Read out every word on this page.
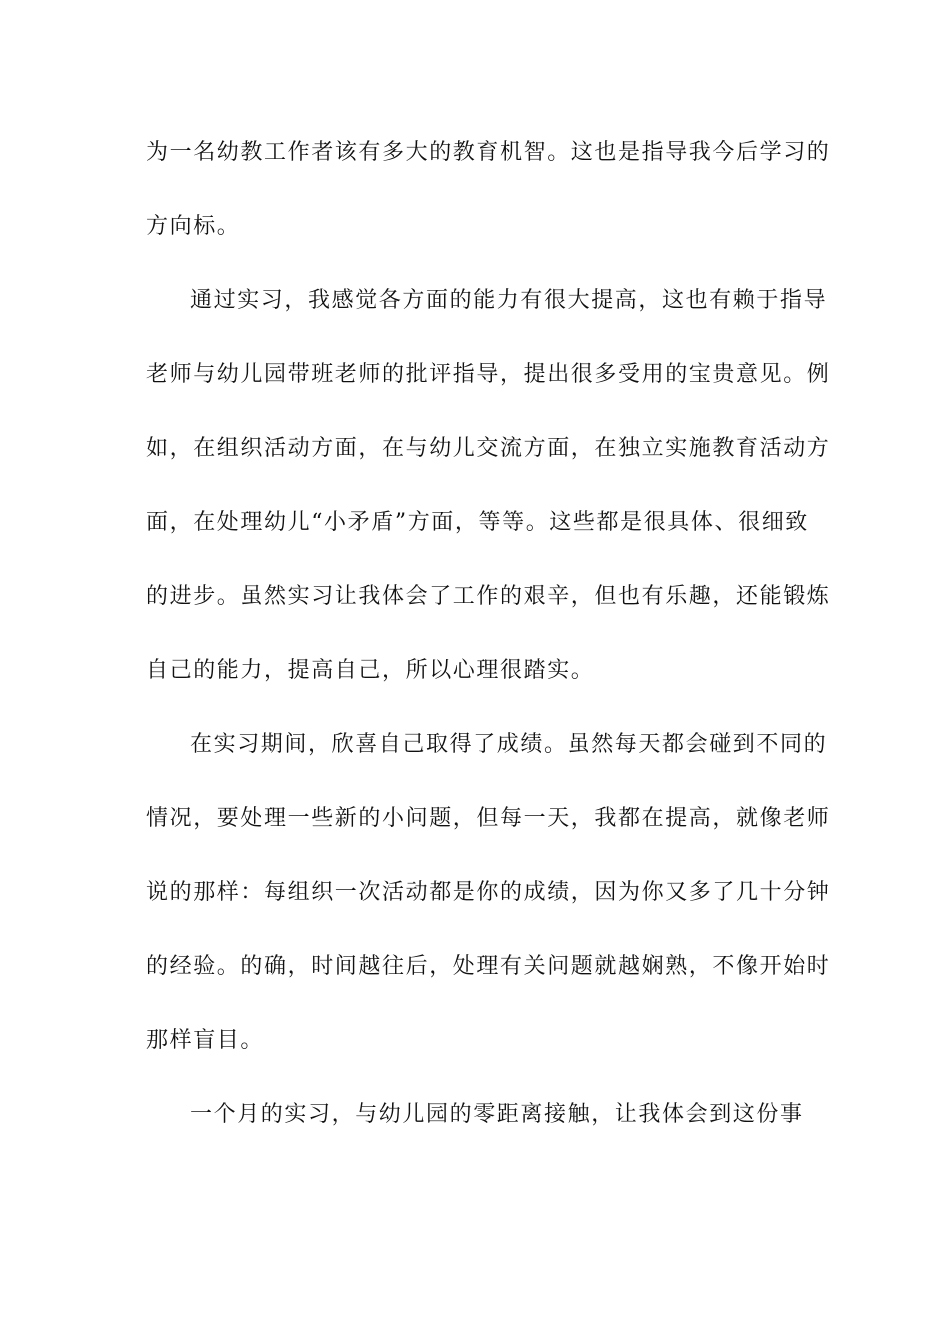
为一名幼教工作者该有多大的教育机智。这也是指导我今后学习的
方向标。
通过实习，我感觉各方面的能力有很大提高，这也有赖于指导
老师与幼儿园带班老师的批评指导，提出很多受用的宝贵意见。例
如，在组织活动方面，在与幼儿交流方面，在独立实施教育活动方
面，在处理幼儿“小矛盾”方面，等等。这些都是很具体、很细致
的进步。虽然实习让我体会了工作的艰辛，但也有乐趣，还能锻炼
自己的能力，提高自己，所以心理很踏实。
在实习期间，欣喜自己取得了成绩。虽然每天都会碰到不同的
情况，要处理一些新的小问题，但每一天，我都在提高，就像老师
说的那样：每组织一次活动都是你的成绩，因为你又多了几十分钟
的经验。的确，时间越往后，处理有关问题就越娴熟，不像开始时
那样盲目。
一个月的实习，与幼儿园的零距离接触，让我体会到这份事
